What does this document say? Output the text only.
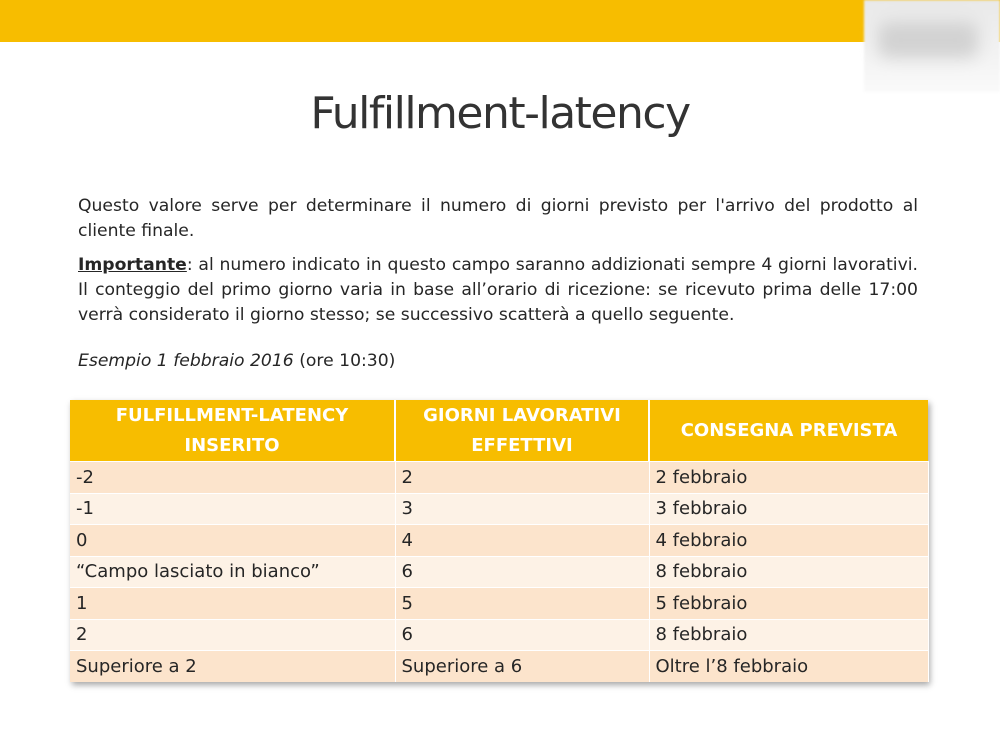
Fulfillment-latency

Questo valore serve per determinare il numero di giorni previsto per l'arrivo del prodotto al cliente finale.

Importante: al numero indicato in questo campo saranno addizionati sempre 4 giorni lavorativi.     Il conteggio del primo giorno varia in base all’orario di ricezione: se ricevuto prima delle 17:00 verrà considerato il giorno stesso; se successivo scatterà a quello seguente.

Esempio 1 febbraio 2016 (ore 10:30)
FULFILLMENT-LATENCY INSERITO	GIORNI LAVORATIVI EFFETTIVI	CONSEGNA PREVISTA
-2	2	2 febbraio
-1	3	3 febbraio
0	4	4 febbraio
“Campo lasciato in bianco”	6	8 febbraio
1	5	5 febbraio
2	6	8 febbraio
Superiore a 2	Superiore a 6	Oltre l’8 febbraio
